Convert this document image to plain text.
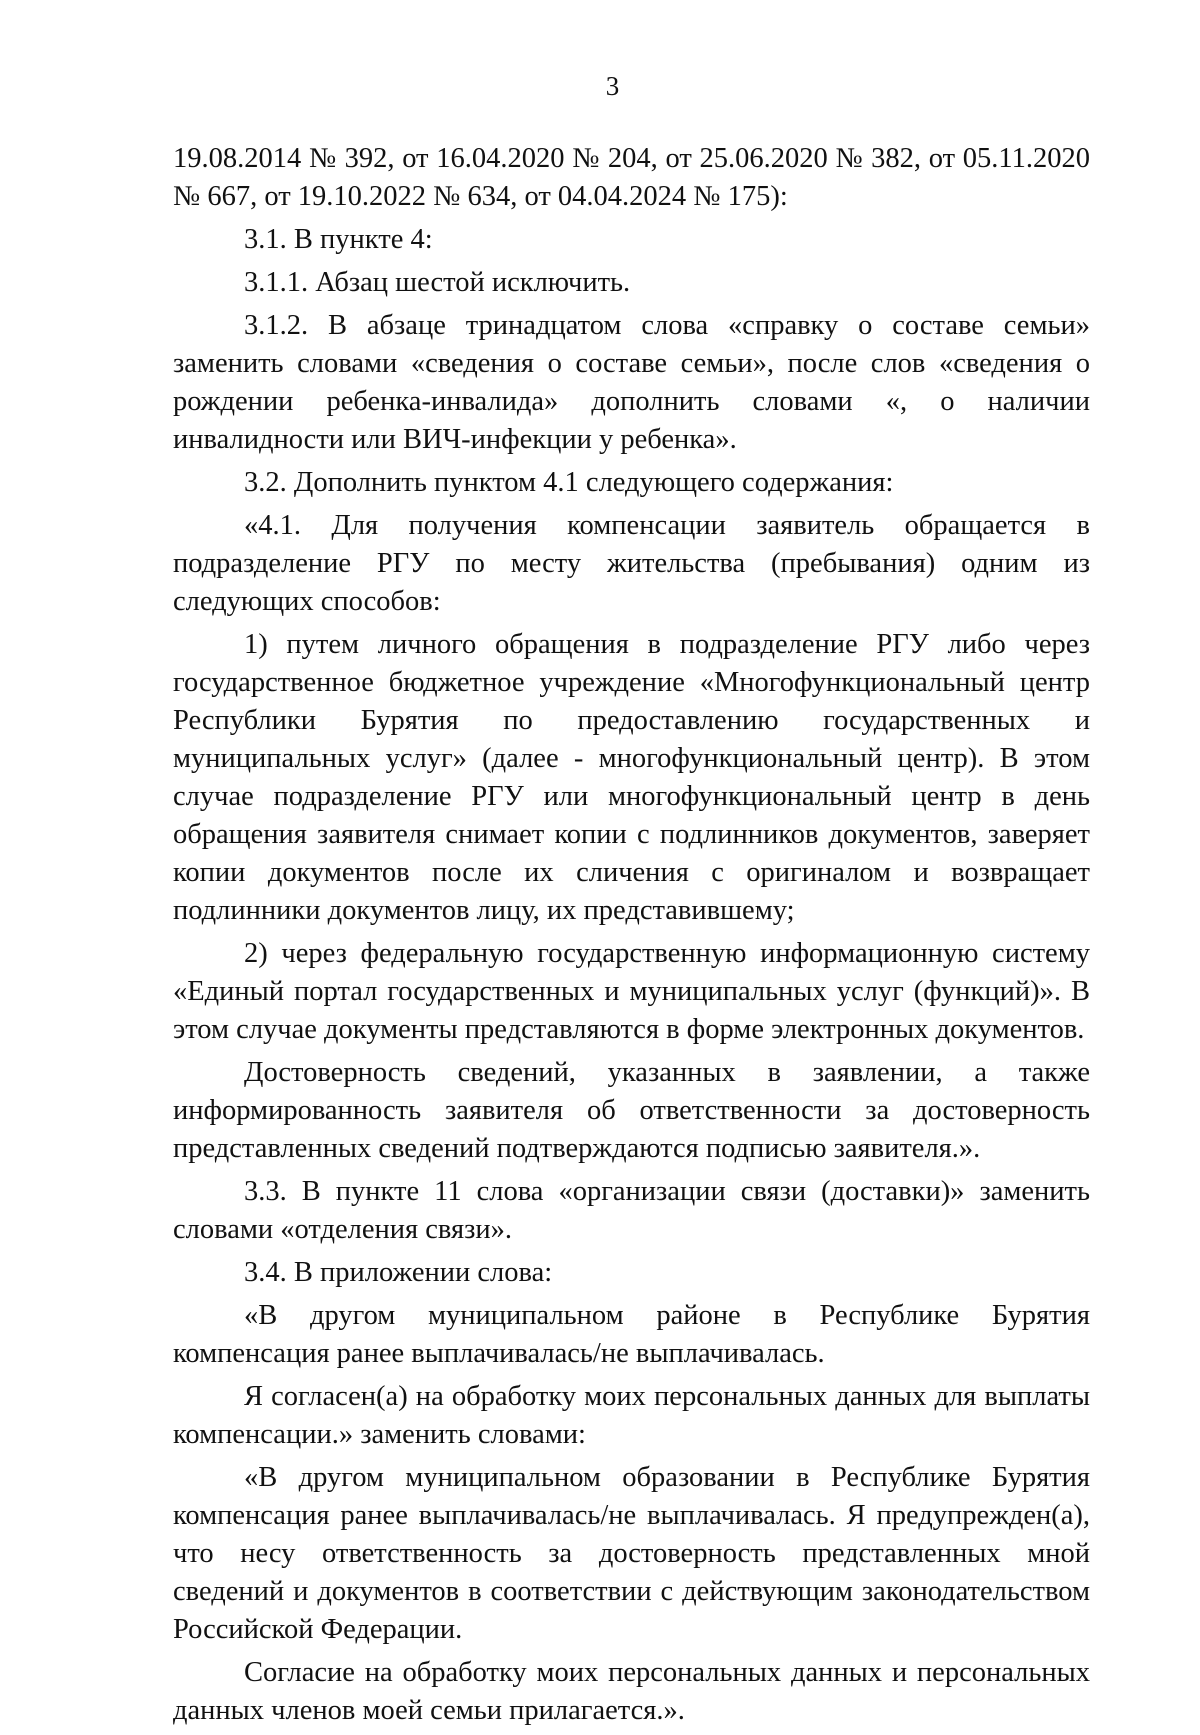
3

19.08.2014 № 392, от 16.04.2020 № 204, от 25.06.2020 № 382, от 05.11.2020 № 667, от 19.10.2022 № 634, от 04.04.2024 № 175):

3.1. В пункте 4:

3.1.1. Абзац шестой исключить.

3.1.2. В абзаце тринадцатом слова «справку о составе семьи» заменить словами «сведения о составе семьи», после слов «сведения о рождении ребенка-инвалида» дополнить словами «, о наличии инвалидности или ВИЧ-инфекции у ребенка».

3.2. Дополнить пунктом 4.1 следующего содержания:

«4.1. Для получения компенсации заявитель обращается в подразделение РГУ по месту жительства (пребывания) одним из следующих способов:

1) путем личного обращения в подразделение РГУ либо через государственное бюджетное учреждение «Многофункциональный центр Республики Бурятия по предоставлению государственных и муниципальных услуг» (далее - многофункциональный центр). В этом случае подразделение РГУ или многофункциональный центр в день обращения заявителя снимает копии с подлинников документов, заверяет копии документов после их сличения с оригиналом и возвращает подлинники документов лицу, их представившему;

2) через федеральную государственную информационную систему «Единый портал государственных и муниципальных услуг (функций)». В этом случае документы представляются в форме электронных документов.

Достоверность сведений, указанных в заявлении, а также информированность заявителя об ответственности за достоверность представленных сведений подтверждаются подписью заявителя.».

3.3. В пункте 11 слова «организации связи (доставки)» заменить словами «отделения связи».

3.4. В приложении слова:

«В другом муниципальном районе в Республике Бурятия компенсация ранее выплачивалась/не выплачивалась.

Я согласен(а) на обработку моих персональных данных для выплаты компенсации.» заменить словами:

«В другом муниципальном образовании в Республике Бурятия компенсация ранее выплачивалась/не выплачивалась. Я предупрежден(а), что несу ответственность за достоверность представленных мной сведений и документов в соответствии с действующим законодательством Российской Федерации.

Согласие на обработку моих персональных данных и персональных данных членов моей семьи прилагается.».
